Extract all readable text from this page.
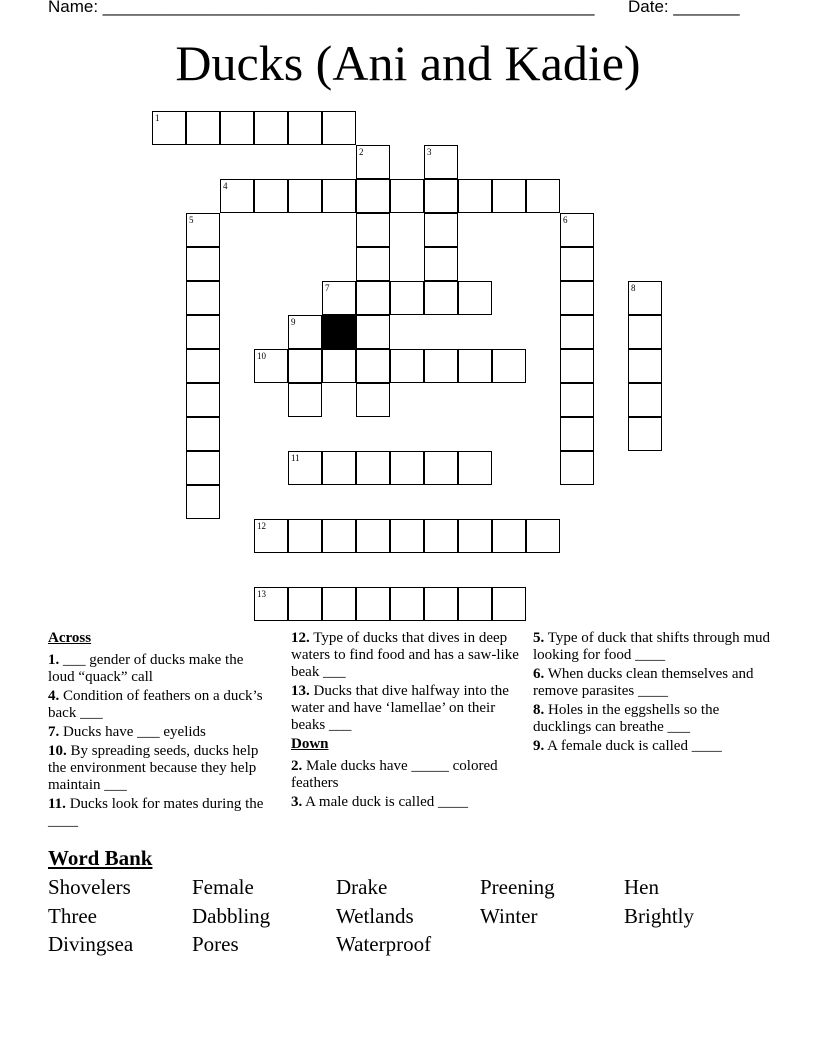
Name: ____________________________________________________ Date: _______
Ducks (Ani and Kadie)
1
4
2	3
5	6
7	8
9
10
11
12
13
Across
1. ___ gender of ducks make the loud “quack” call
4. Condition of feathers on a duck’s back ___
7. Ducks have ___ eyelids
10. By spreading seeds, ducks help the environment because they help maintain ___
11. Ducks look for mates during the ____
12. Type of ducks that dives in deep waters to find food and has a saw-like beak ___
13. Ducks that dive halfway into the water and have ‘lamellae’ on their beaks ___
Down
2. Male ducks have _____ colored feathers
3. A male duck is called ____
5. Type of duck that shifts through mud looking for food ____
6. When ducks clean themselves and remove parasites ____
8. Holes in the eggshells so the ducklings can breathe ___
9. A female duck is called ____
Word Bank
Shovelers	Female	Drake	Preening	Hen
Three	Dabbling	Wetlands	Winter	Brightly
Divingsea	Pores	Waterproof
